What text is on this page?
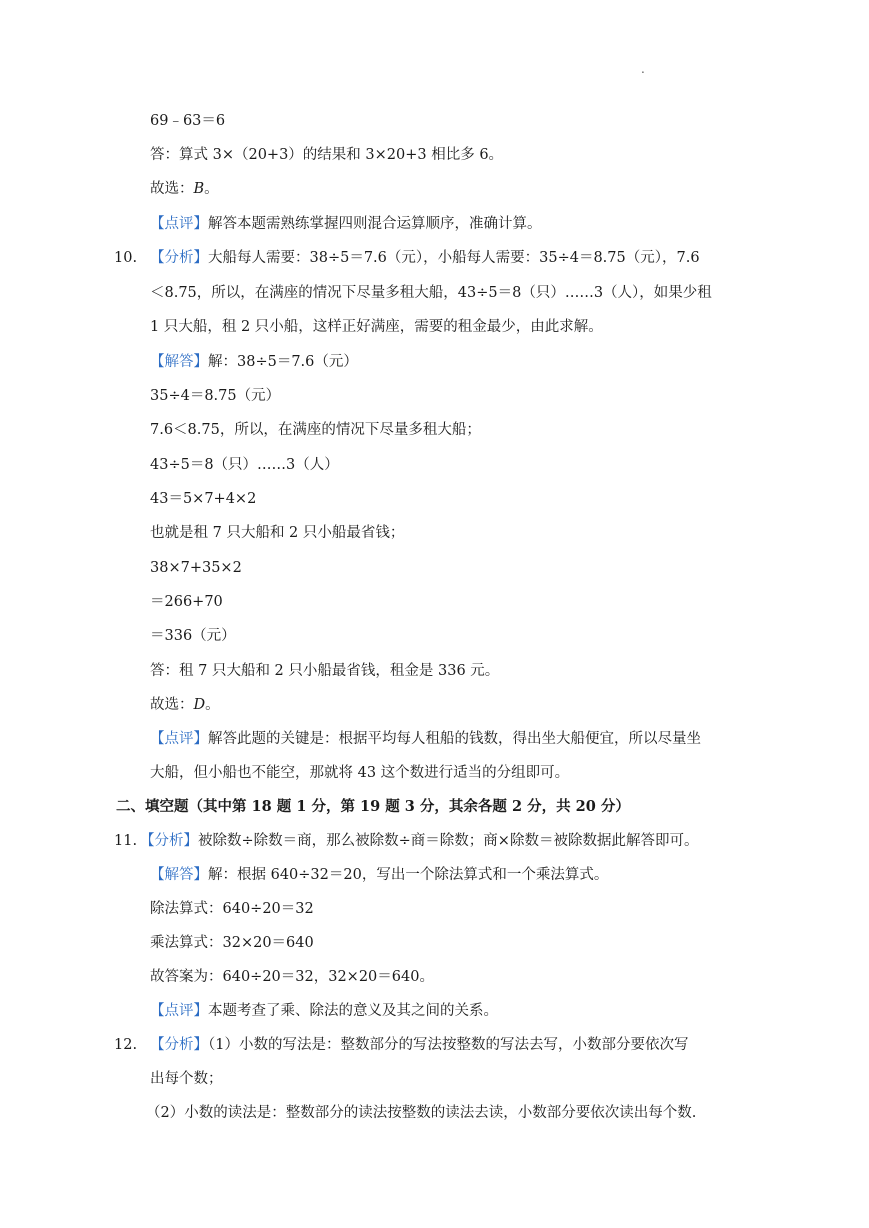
.
69﹣63＝6
答：算式 3×（20+3）的结果和 3×20+3 相比多 6。
故选：B。
【点评】解答本题需熟练掌握四则混合运算顺序，准确计算。
10. 【分析】大船每人需要：38÷5＝7.6（元），小船每人需要：35÷4＝8.75（元），7.6
＜8.75，所以，在满座的情况下尽量多租大船，43÷5＝8（只）……3（人），如果少租
1 只大船，租 2 只小船，这样正好满座，需要的租金最少，由此求解。
【解答】解：38÷5＝7.6（元）
35÷4＝8.75（元）
7.6＜8.75，所以，在满座的情况下尽量多租大船；
43÷5＝8（只）……3（人）
43＝5×7+4×2
也就是租 7 只大船和 2 只小船最省钱；
38×7+35×2
＝266+70
＝336（元）
答：租 7 只大船和 2 只小船最省钱，租金是 336 元。
故选：D。
【点评】解答此题的关键是：根据平均每人租船的钱数，得出坐大船便宜，所以尽量坐
大船，但小船也不能空，那就将 43 这个数进行适当的分组即可。
二、填空题（其中第 18 题 1 分，第 19 题 3 分，其余各题 2 分，共 20 分）
11. 【分析】被除数÷除数＝商，那么被除数÷商＝除数；商×除数＝被除数据此解答即可。
【解答】解：根据 640÷32＝20，写出一个除法算式和一个乘法算式。
除法算式：640÷20＝32
乘法算式：32×20＝640
故答案为：640÷20＝32，32×20＝640。
【点评】本题考查了乘、除法的意义及其之间的关系。
12. 【分析】（1）小数的写法是：整数部分的写法按整数的写法去写，小数部分要依次写
出每个数；
（2）小数的读法是：整数部分的读法按整数的读法去读，小数部分要依次读出每个数.
